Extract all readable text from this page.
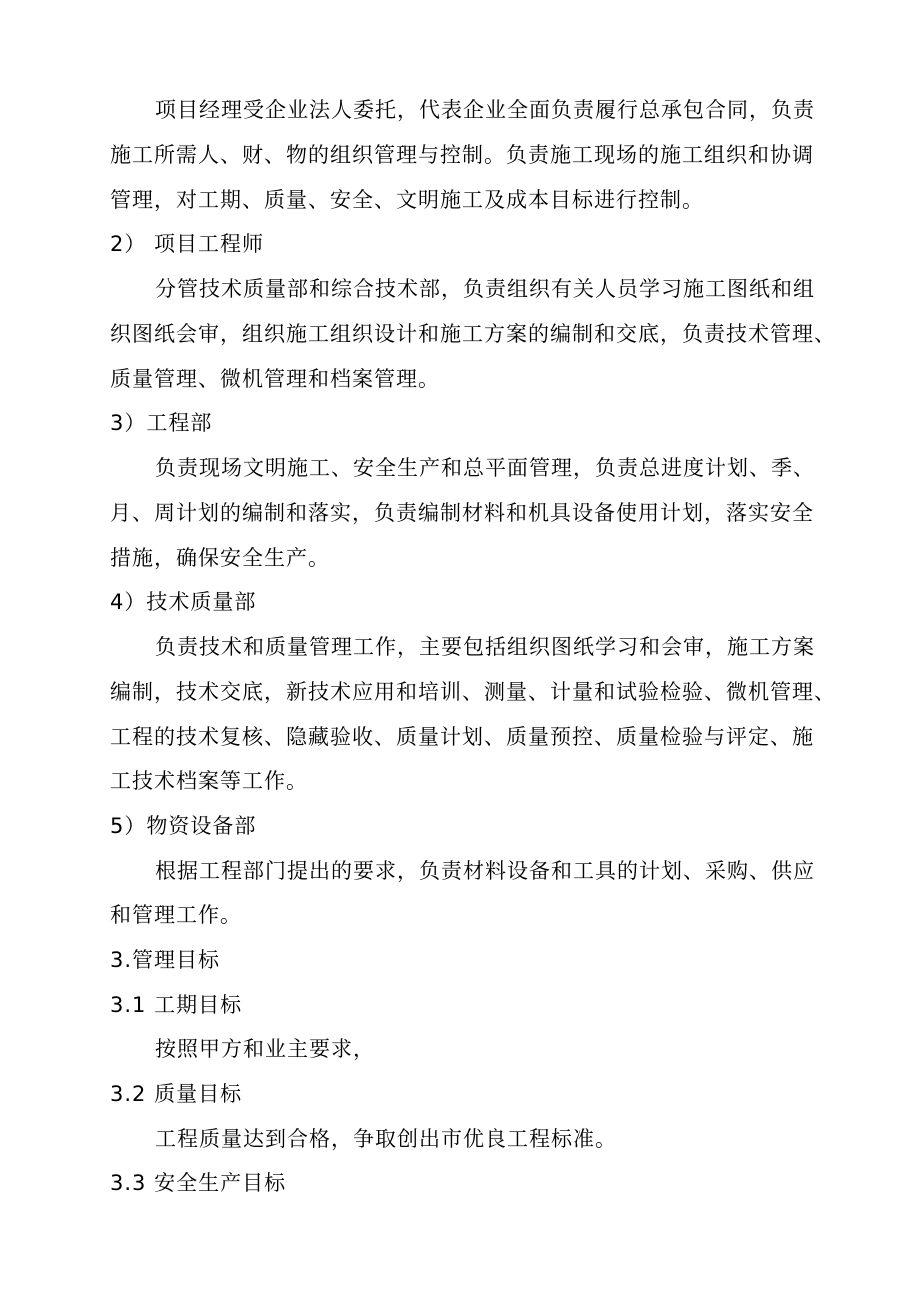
项目经理受企业法人委托，代表企业全面负责履行总承包合同，负责
施工所需人、财、物的组织管理与控制。负责施工现场的施工组织和协调
管理，对工期、质量、安全、文明施工及成本目标进行控制。
2） 项目工程师
分管技术质量部和综合技术部，负责组织有关人员学习施工图纸和组
织图纸会审，组织施工组织设计和施工方案的编制和交底，负责技术管理、
质量管理、微机管理和档案管理。
3）工程部
负责现场文明施工、安全生产和总平面管理，负责总进度计划、季、
月、周计划的编制和落实，负责编制材料和机具设备使用计划，落实安全
措施，确保安全生产。
4）技术质量部
负责技术和质量管理工作，主要包括组织图纸学习和会审，施工方案
编制，技术交底，新技术应用和培训、测量、计量和试验检验、微机管理、
工程的技术复核、隐藏验收、质量计划、质量预控、质量检验与评定、施
工技术档案等工作。
5）物资设备部
根据工程部门提出的要求，负责材料设备和工具的计划、采购、供应
和管理工作。
3.管理目标
3.1 工期目标
按照甲方和业主要求，
3.2 质量目标
工程质量达到合格，争取创出市优良工程标准。
3.3 安全生产目标
